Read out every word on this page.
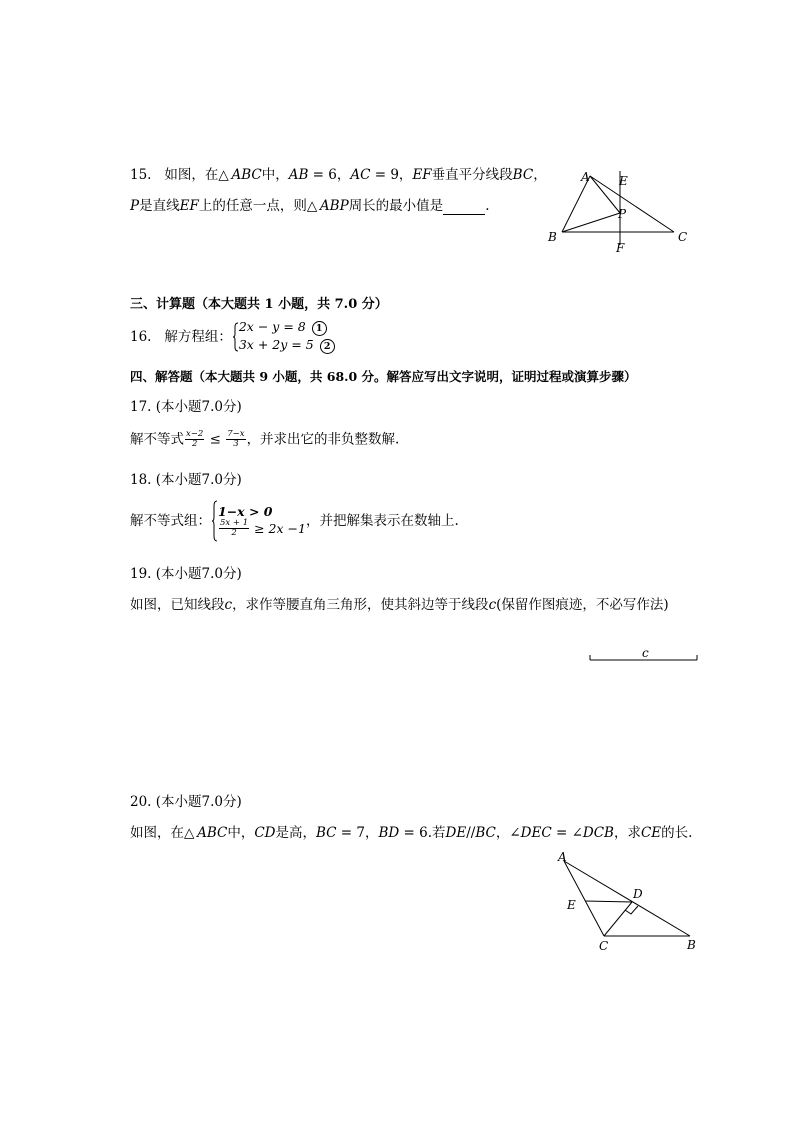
15. 如图，在△  ABC中，AB = 6，AC = 9，EF垂直平分线段BC，
P是直线EF上的任意一点，则△  ABP周长的最小值是	.
A E
P
B
F
C
三、计算题（本大题共 1 小题，共 7.0 分）
16. 解方程组：
2x − y = 8 1
3x + 2y = 5 2
四、解答题（本大题共 9 小题，共 68.0 分。解答应写出文字说明，证明过程或演算步骤）
17. (本小题7.0分)
解不等式 $\frac{x-2}{2} \le \frac{7-x}{3}$ ，并求出它的非负整数解.
18. (本小题7.0分)
解不等式组：
1−x > 0
$\frac{5x + 1}{2} \ge 2x -1$ ，并把解集表示在数轴上.
19. (本小题7.0分)
如图，已知线段c，求作等腰直角三角形，使其斜边等于线段c(保留作图痕迹，不必写作法)
c
20. (本小题7.0分)
如图，在△  ABC中，CD是高，BC = 7，BD = 6.若DE//BC，∠DEC = ∠DCB，求CE的长.
A
D
E
C	B
